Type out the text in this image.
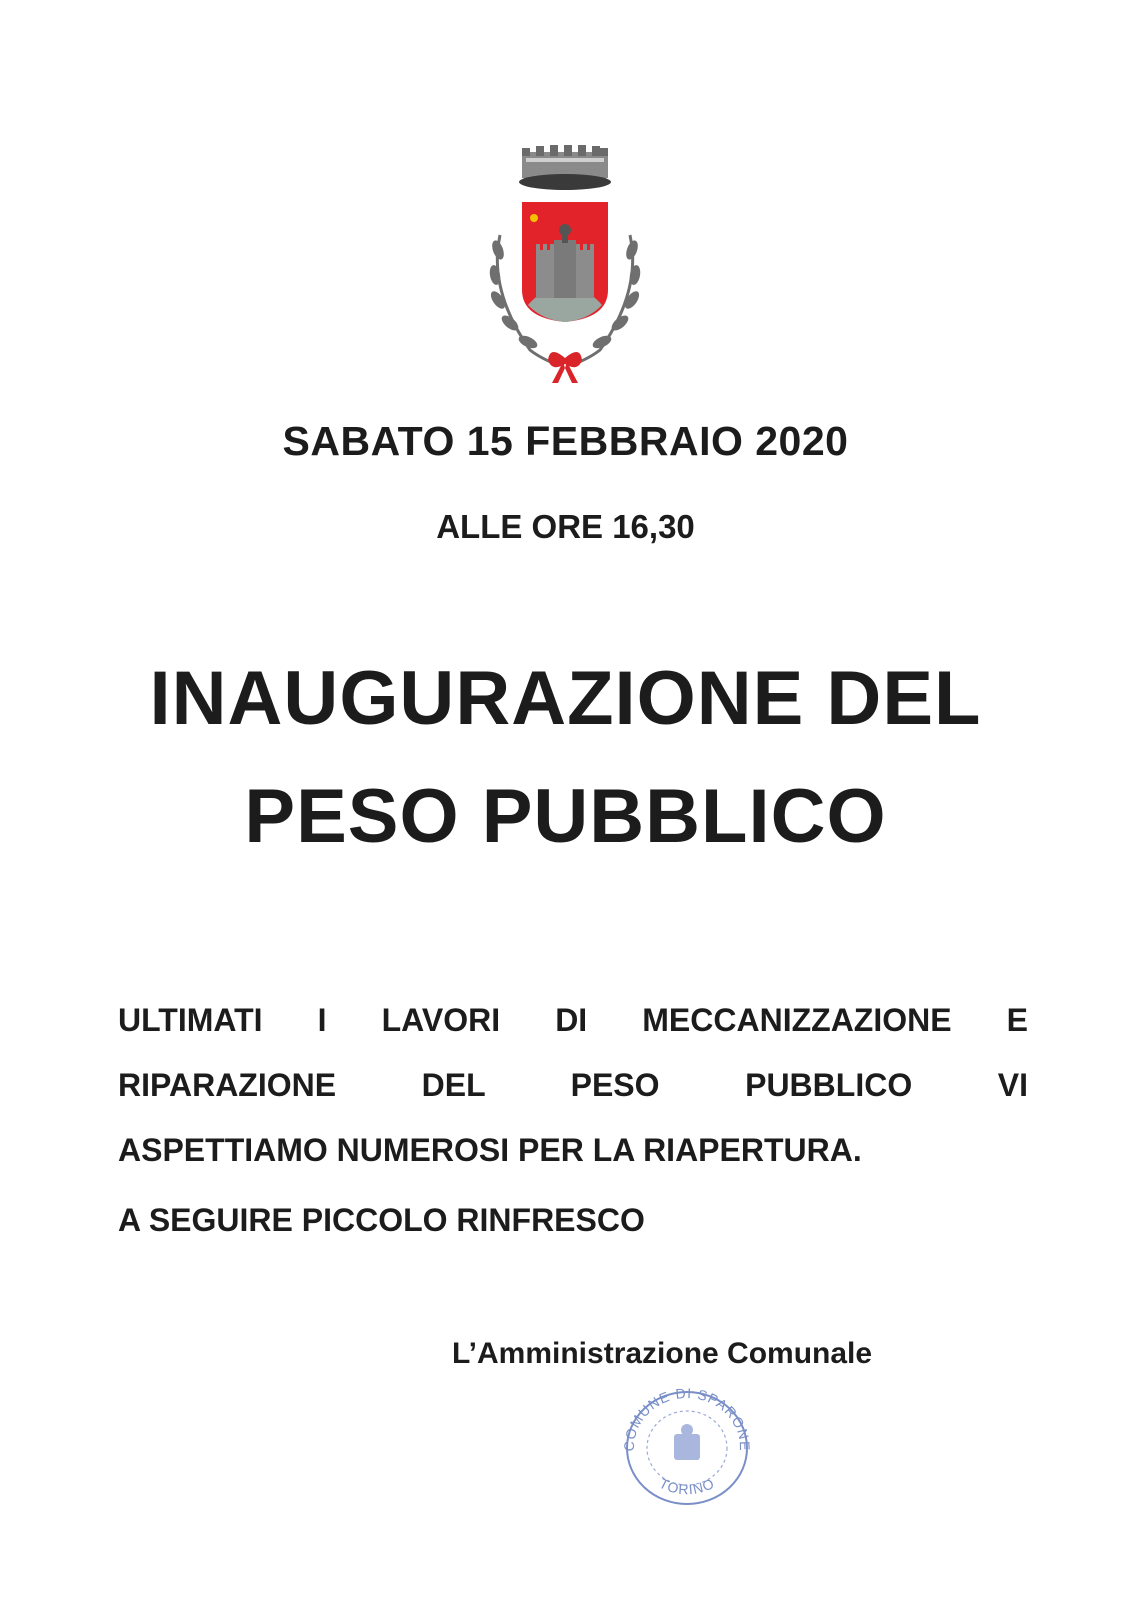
SABATO 15 FEBBRAIO 2020
ALLE ORE 16,30
INAUGURAZIONE DEL
PESO PUBBLICO
ULTIMATI I LAVORI DI MECCANIZZAZIONE E
RIPARAZIONE DEL PESO PUBBLICO VI
ASPETTIAMO NUMEROSI PER LA RIAPERTURA.
A SEGUIRE PICCOLO RINFRESCO
L’Amministrazione Comunale
COMUNE DI SPARONE
TORINO
